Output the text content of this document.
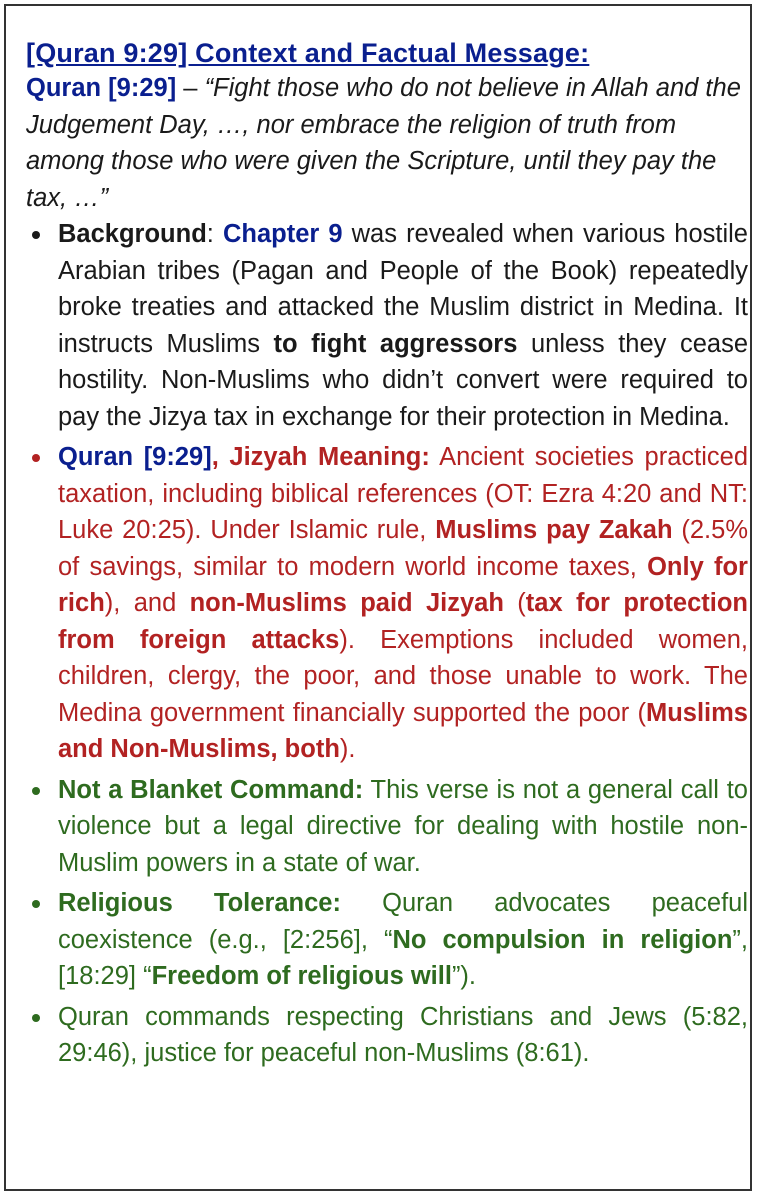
[Quran 9:29] Context and Factual Message:
Quran [9:29] – “Fight those who do not believe in Allah and the Judgement Day, …, nor embrace the religion of truth from among those who were given the Scripture, until they pay the tax, …”
Background: Chapter 9 was revealed when various hostile Arabian tribes (Pagan and People of the Book) repeatedly broke treaties and attacked the Muslim district in Medina. It instructs Muslims to fight aggressors unless they cease hostility. Non-Muslims who didn’t convert were required to pay the Jizya tax in exchange for their protection in Medina.
Quran [9:29], Jizyah Meaning: Ancient societies practiced taxation, including biblical references (OT: Ezra 4:20 and NT: Luke 20:25). Under Islamic rule, Muslims pay Zakah (2.5% of savings, similar to modern world income taxes, Only for rich), and non-Muslims paid Jizyah (tax for protection from foreign attacks). Exemptions included women, children, clergy, the poor, and those unable to work. The Medina government financially supported the poor (Muslims and Non-Muslims, both).
Not a Blanket Command: This verse is not a general call to violence but a legal directive for dealing with hostile non-Muslim powers in a state of war.
Religious Tolerance: Quran advocates peaceful coexistence (e.g., [2:256], “No compulsion in religion”, [18:29] “Freedom of religious will”).
Quran commands respecting Christians and Jews (5:82, 29:46), justice for peaceful non-Muslims (8:61).
